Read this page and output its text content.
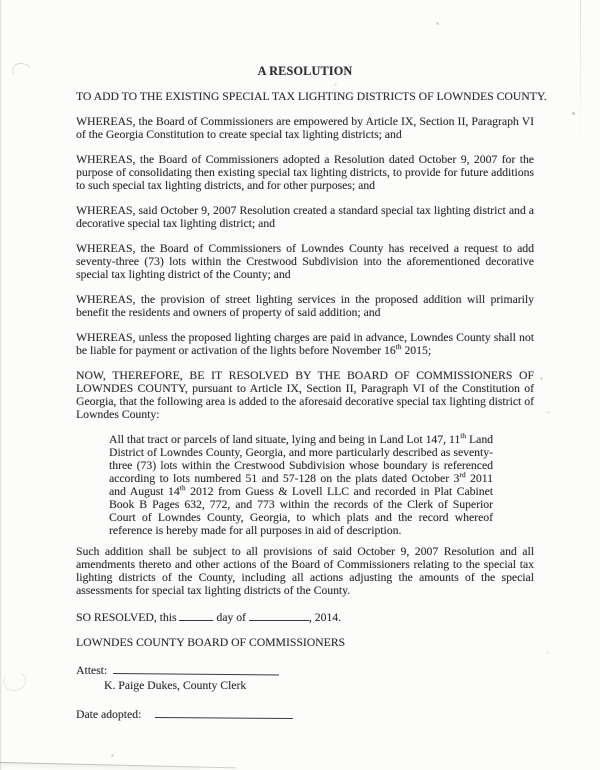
A RESOLUTION
TO ADD TO THE EXISTING SPECIAL TAX LIGHTING DISTRICTS OF LOWNDES COUNTY.

WHEREAS, the Board of Commissioners are empowered by Article IX, Section II, Paragraph VI of the Georgia Constitution to create special tax lighting districts; and

WHEREAS, the Board of Commissioners adopted a Resolution dated October 9, 2007 for the purpose of consolidating then existing special tax lighting districts, to provide for future additions to such special tax lighting districts, and for other purposes; and

WHEREAS, said October 9, 2007 Resolution created a standard special tax lighting district and a decorative special tax lighting district; and

WHEREAS, the Board of Commissioners of Lowndes County has received a request to add seventy-three (73) lots within the Crestwood Subdivision into the aforementioned decorative special tax lighting district of the County; and

WHEREAS, the provision of street lighting services in the proposed addition will primarily benefit the residents and owners of property of said addition; and

WHEREAS, unless the proposed lighting charges are paid in advance, Lowndes County shall not be liable for payment or activation of the lights before November 16th 2015;

NOW, THEREFORE, BE IT RESOLVED BY THE BOARD OF COMMISSIONERS OF LOWNDES COUNTY, pursuant to Article IX, Section II, Paragraph VI of the Constitution of Georgia, that the following area is added to the aforesaid decorative special tax lighting district of Lowndes County:

All that tract or parcels of land situate, lying and being in Land Lot 147, 11th Land District of Lowndes County, Georgia, and more particularly described as seventy-three (73) lots within the Crestwood Subdivision whose boundary is referenced according to lots numbered 51 and 57-128 on the plats dated October 3rd 2011 and August 14th 2012 from Guess & Lovell LLC and recorded in Plat Cabinet Book B Pages 632, 772, and 773 within the records of the Clerk of Superior Court of Lowndes County, Georgia, to which plats and the record whereof reference is hereby made for all purposes in aid of description.

Such addition shall be subject to all provisions of said October 9, 2007 Resolution and all amendments thereto and other actions of the Board of Commissioners relating to the special tax lighting districts of the County, including all actions adjusting the amounts of the special assessments for special tax lighting districts of the County.

SO RESOLVED, this	day of	, 2014.

LOWNDES COUNTY BOARD OF COMMISSIONERS

Attest:
K. Paige Dukes, County Clerk
Date adopted:
